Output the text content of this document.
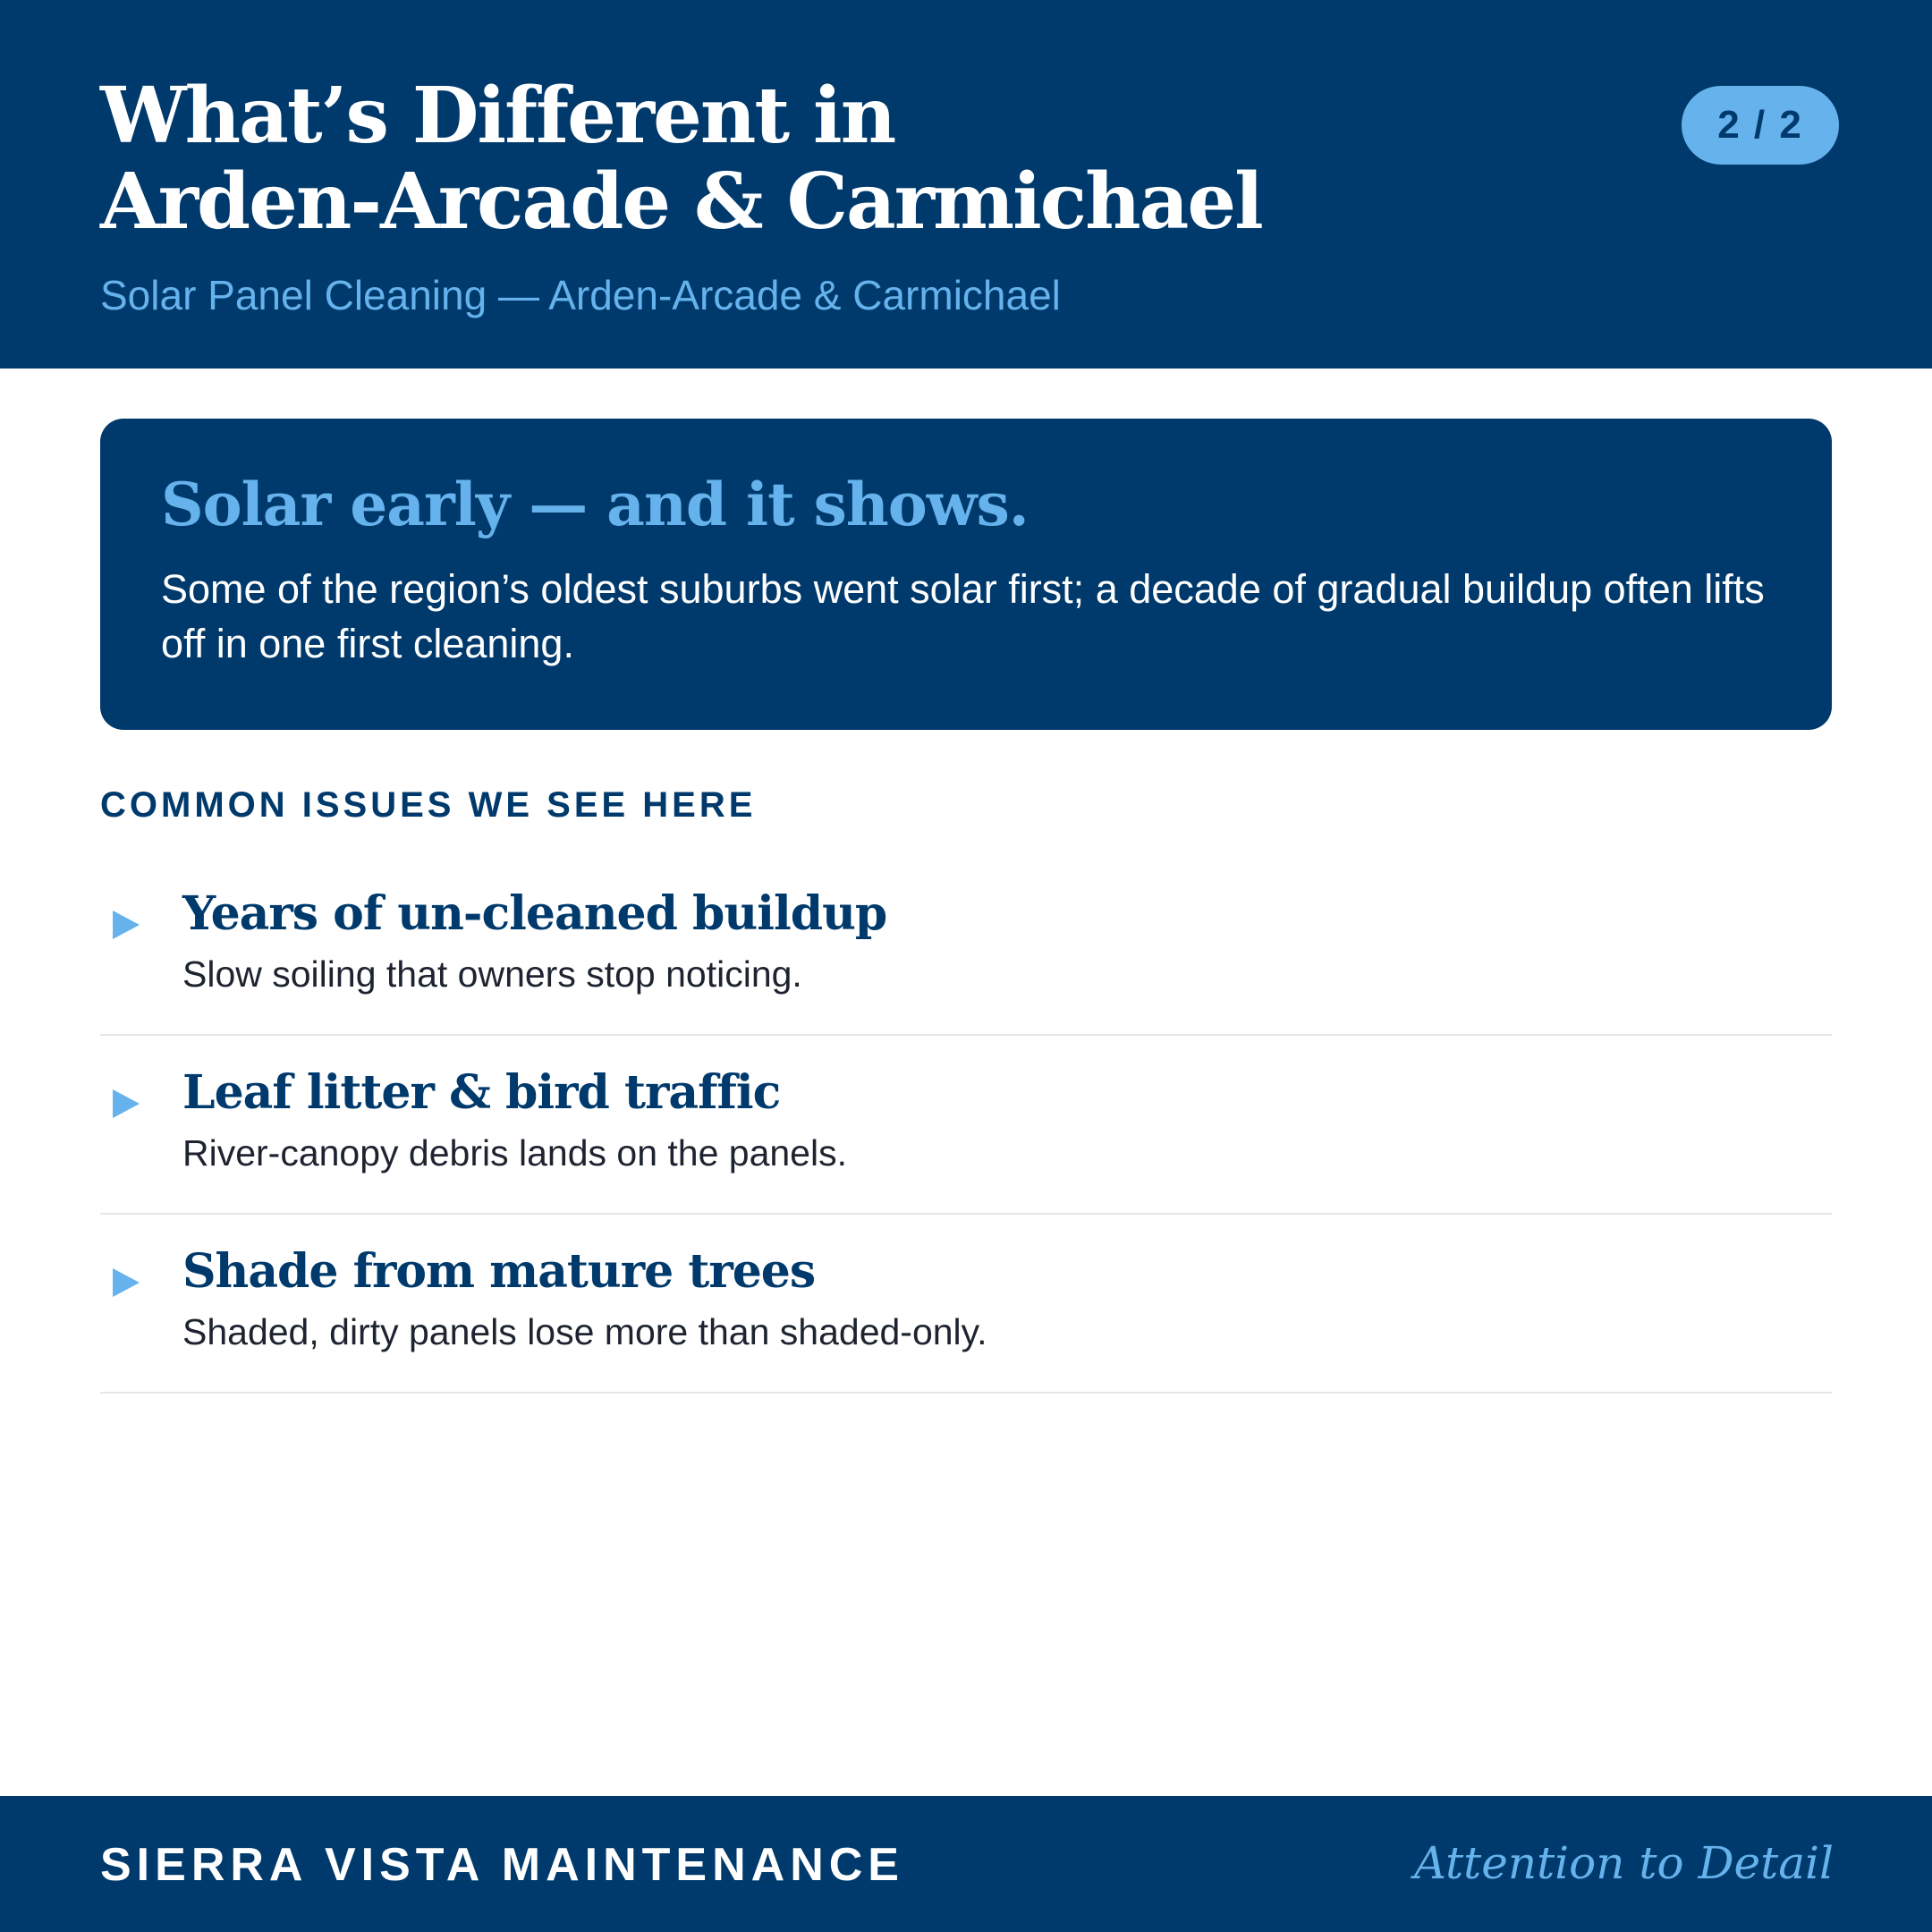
What’s Different in
Arden-Arcade & Carmichael
Solar Panel Cleaning — Arden-Arcade & Carmichael
2 / 2
Solar early — and it shows.

Some of the region’s oldest suburbs went solar first; a decade of gradual buildup often lifts off in one first cleaning.

COMMON ISSUES WE SEE HERE
Years of un-cleaned buildup

Slow soiling that owners stop noticing.

Leaf litter & bird traffic

River-canopy debris lands on the panels.

Shade from mature trees

Shaded, dirty panels lose more than shaded-only.

SIERRA VISTA MAINTENANCE	Attention to Detail
